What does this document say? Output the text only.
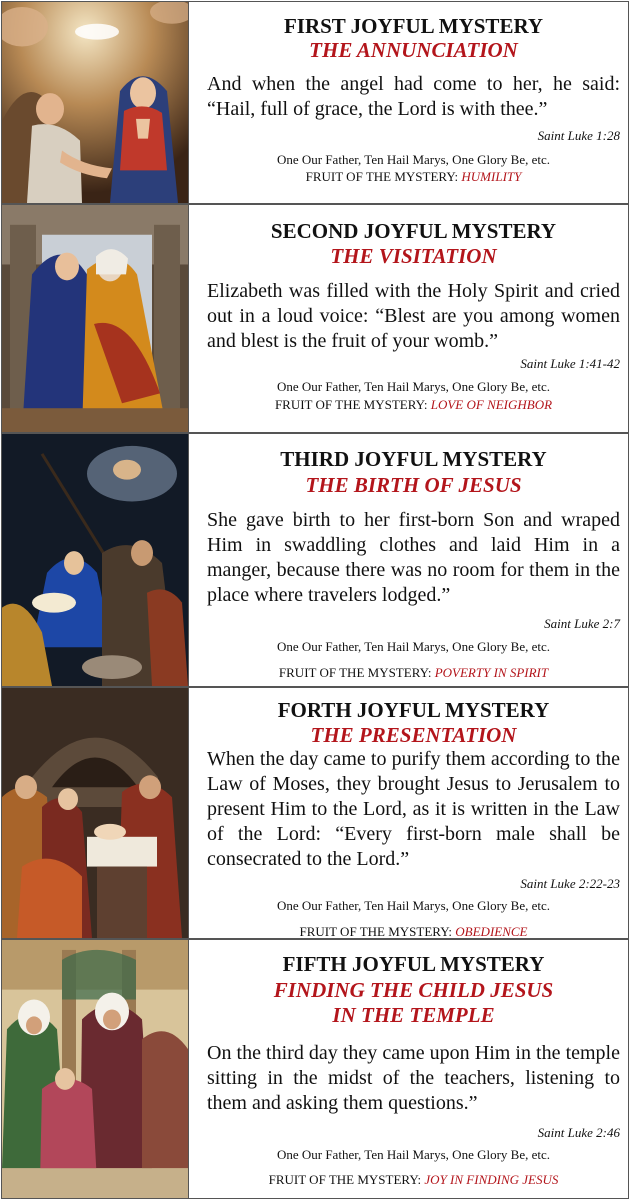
FIRST JOYFUL MYSTERY

THE ANNUNCIATION

And when the angel had come to her, he said: “Hail, full of grace, the Lord is with thee.”

Saint Luke 1:28

One Our Father, Ten Hail Marys, One Glory Be, etc.

FRUIT OF THE MYSTERY: HUMILITY

SECOND JOYFUL MYSTERY

THE VISITATION

Elizabeth was filled with the Holy Spirit and cried out in a loud voice: “Blest are you among women and blest is the fruit of your womb.”

Saint Luke 1:41-42

One Our Father, Ten Hail Marys, One Glory Be, etc.

FRUIT OF THE MYSTERY: LOVE OF NEIGHBOR

THIRD JOYFUL MYSTERY

THE BIRTH OF JESUS

She gave birth to her first-born Son and wraped Him in swaddling clothes and laid Him in a manger, because there was no room for them in the place where travelers lodged.”

Saint Luke 2:7

One Our Father, Ten Hail Marys, One Glory Be, etc.

FRUIT OF THE MYSTERY: POVERTY IN SPIRIT

FORTH JOYFUL MYSTERY

THE PRESENTATION

When the day came to purify them according to the Law of Moses, they brought Jesus to Jerusalem to present Him to the Lord, as it is written in the Law of the Lord: “Every first-born male shall be consecrated to the Lord.”

Saint Luke 2:22-23

One Our Father, Ten Hail Marys, One Glory Be, etc.

FRUIT OF THE MYSTERY: OBEDIENCE

FIFTH JOYFUL MYSTERY

FINDING THE CHILD JESUS

IN THE TEMPLE

On the third day they came upon Him in the temple sitting in the midst of the teachers, listening to them and asking them questions.”

Saint Luke 2:46

One Our Father, Ten Hail Marys, One Glory Be, etc.

FRUIT OF THE MYSTERY: JOY IN FINDING JESUS
